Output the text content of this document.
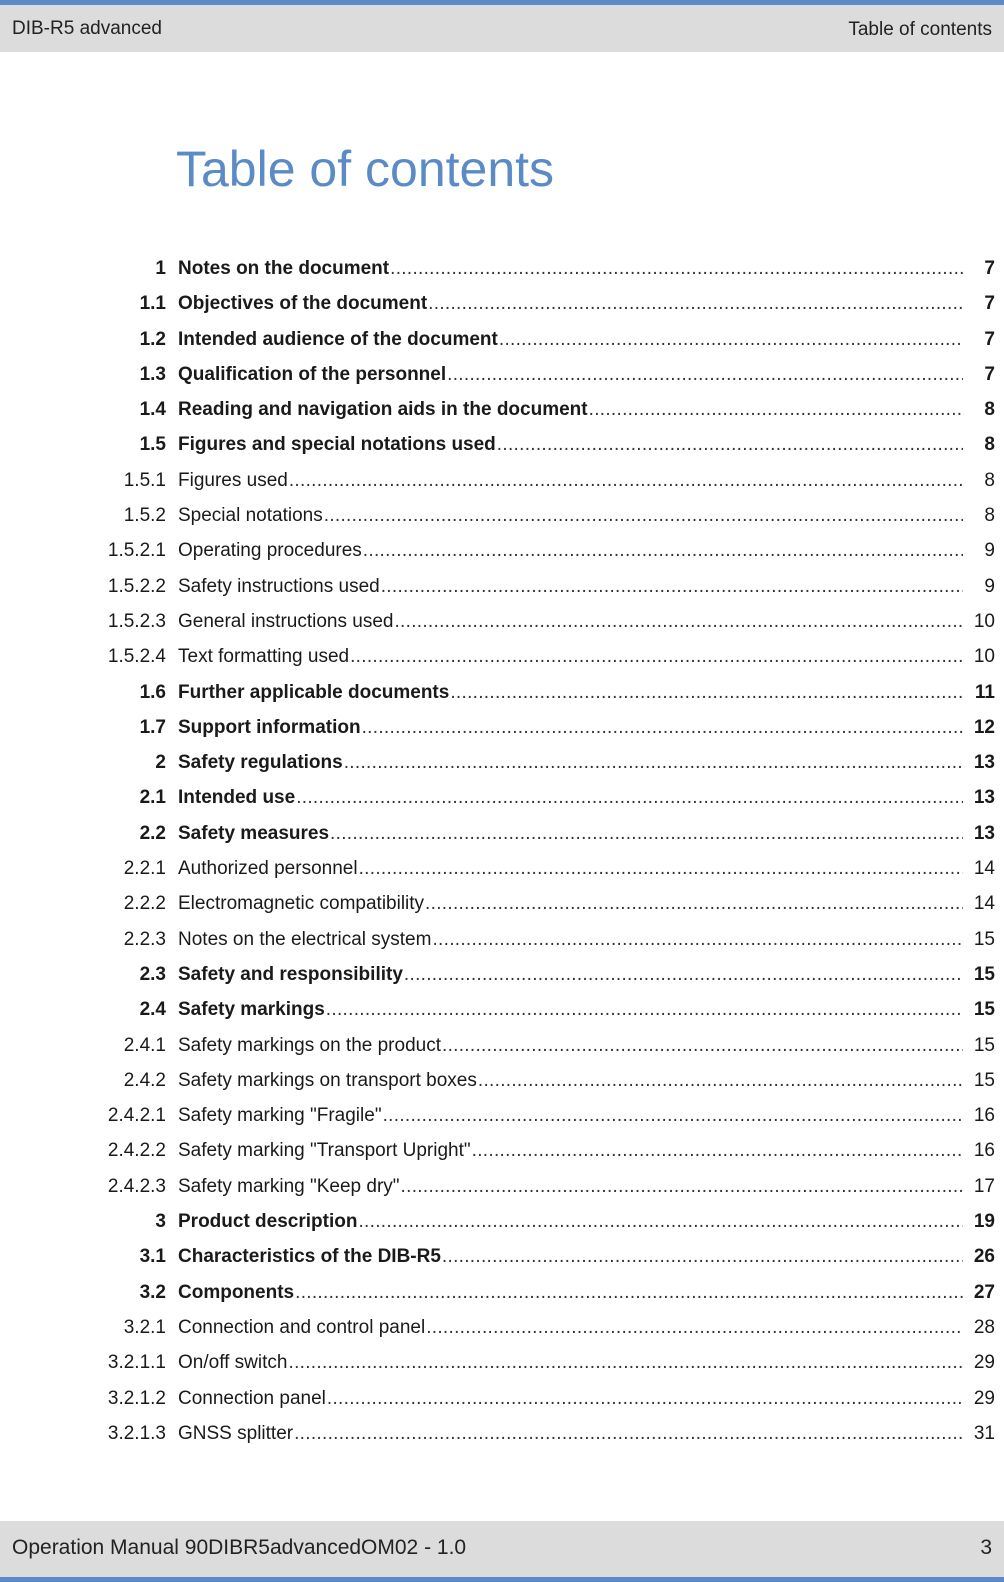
DIB-R5 advanced	Table of contents
Table of contents
1 Notes on the document .....	7
1.1 Objectives of the document .....	7
1.2 Intended audience of the document .....	7
1.3 Qualification of the personnel .....	7
1.4 Reading and navigation aids in the document .....	8
1.5 Figures and special notations used .....	8
1.5.1 Figures used .....	8
1.5.2 Special notations .....	8
1.5.2.1 Operating procedures .....	9
1.5.2.2 Safety instructions used .....	9
1.5.2.3 General instructions used .....	10
1.5.2.4 Text formatting used .....	10
1.6 Further applicable documents .....	11
1.7 Support information .....	12
2 Safety regulations .....	13
2.1 Intended use .....	13
2.2 Safety measures .....	13
2.2.1 Authorized personnel .....	14
2.2.2 Electromagnetic compatibility .....	14
2.2.3 Notes on the electrical system .....	15
2.3 Safety and responsibility .....	15
2.4 Safety markings .....	15
2.4.1 Safety markings on the product .....	15
2.4.2 Safety markings on transport boxes .....	15
2.4.2.1 Safety marking "Fragile" .....	16
2.4.2.2 Safety marking "Transport Upright" .....	16
2.4.2.3 Safety marking "Keep dry" .....	17
3 Product description .....	19
3.1 Characteristics of the DIB-R5 .....	26
3.2 Components .....	27
3.2.1 Connection and control panel .....	28
3.2.1.1 On/off switch .....	29
3.2.1.2 Connection panel .....	29
3.2.1.3 GNSS splitter .....	31
Operation Manual 90DIBR5advancedOM02 - 1.0	3
